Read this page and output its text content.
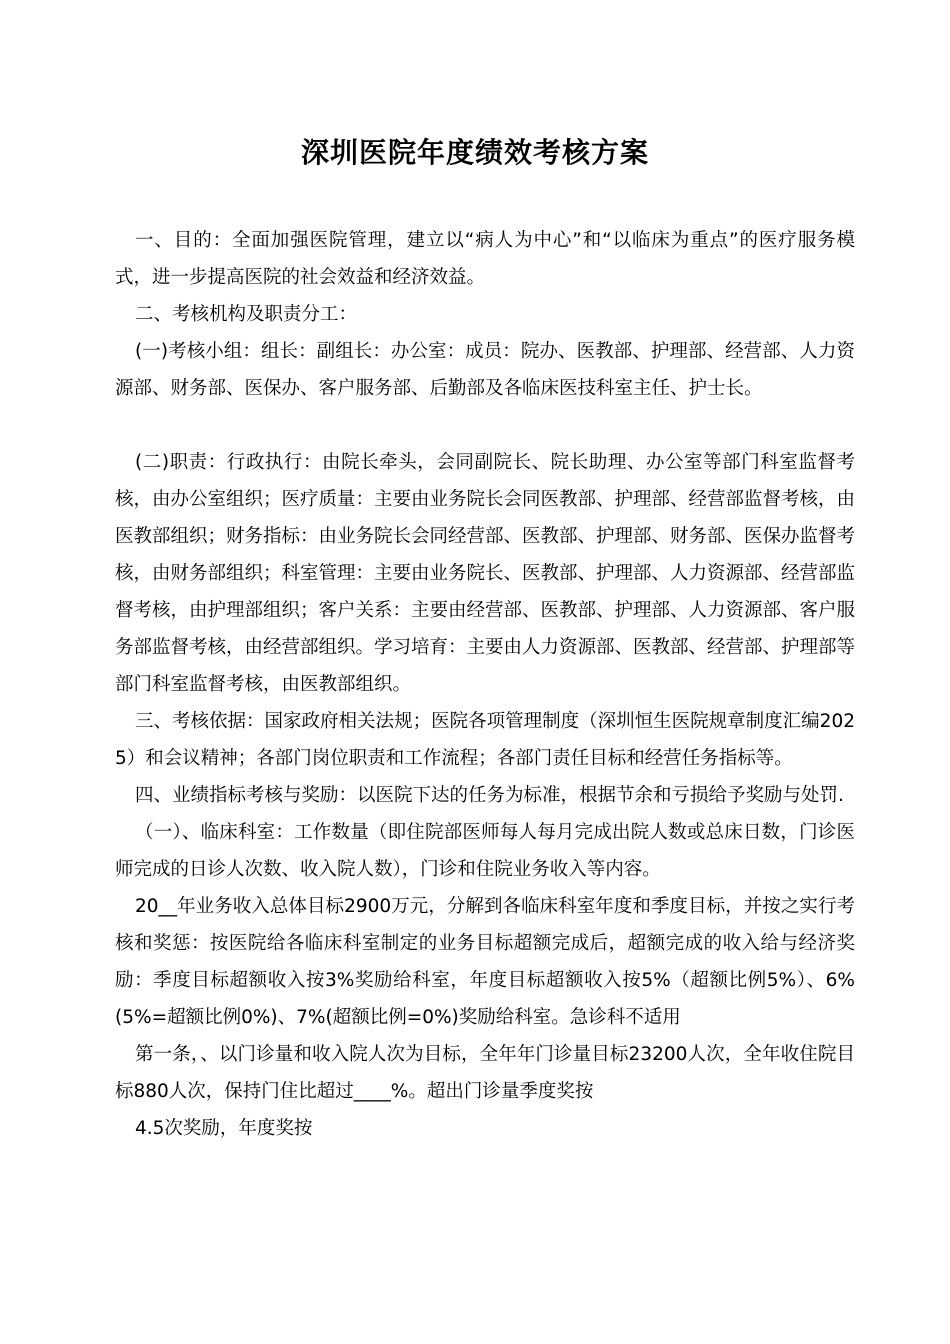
深圳医院年度绩效考核方案

一、目的：全面加强医院管理，建立以“病人为中心”和“以临床为重点”的医疗服务模式，进一步提高医院的社会效益和经济效益。

二、考核机构及职责分工：

(一)考核小组：组长：副组长：办公室：成员：院办、医教部、护理部、经营部、人力资源部、财务部、医保办、客户服务部、后勤部及各临床医技科室主任、护士长。

(二)职责：行政执行：由院长牵头，会同副院长、院长助理、办公室等部门科室监督考核，由办公室组织；医疗质量：主要由业务院长会同医教部、护理部、经营部监督考核，由医教部组织；财务指标：由业务院长会同经营部、医教部、护理部、财务部、医保办监督考核，由财务部组织；科室管理：主要由业务院长、医教部、护理部、人力资源部、经营部监督考核，由护理部组织；客户关系：主要由经营部、医教部、护理部、人力资源部、客户服务部监督考核，由经营部组织。学习培育：主要由人力资源部、医教部、经营部、护理部等部门科室监督考核，由医教部组织。

三、考核依据：国家政府相关法规；医院各项管理制度（深圳恒生医院规章制度汇编2025）和会议精神；各部门岗位职责和工作流程；各部门责任目标和经营任务指标等。

四、业绩指标考核与奖励：以医院下达的任务为标准，根据节余和亏损给予奖励与处罚.

（一）、临床科室：工作数量（即住院部医师每人每月完成出院人数或总床日数，门诊医师完成的日诊人次数、收入院人数），门诊和住院业务收入等内容。

20__年业务收入总体目标2900万元，分解到各临床科室年度和季度目标，并按之实行考核和奖惩：按医院给各临床科室制定的业务目标超额完成后，超额完成的收入给与经济奖励：季度目标超额收入按3%奖励给科室，年度目标超额收入按5%（超额比例5%）、6%(5%=超额比例0%)、7%(超额比例=0%)奖励给科室。急诊科不适用

第一条，、以门诊量和收入院人次为目标，全年年门诊量目标23200人次，全年收住院目标880人次，保持门住比超过____%。超出门诊量季度奖按

4.5次奖励，年度奖按
